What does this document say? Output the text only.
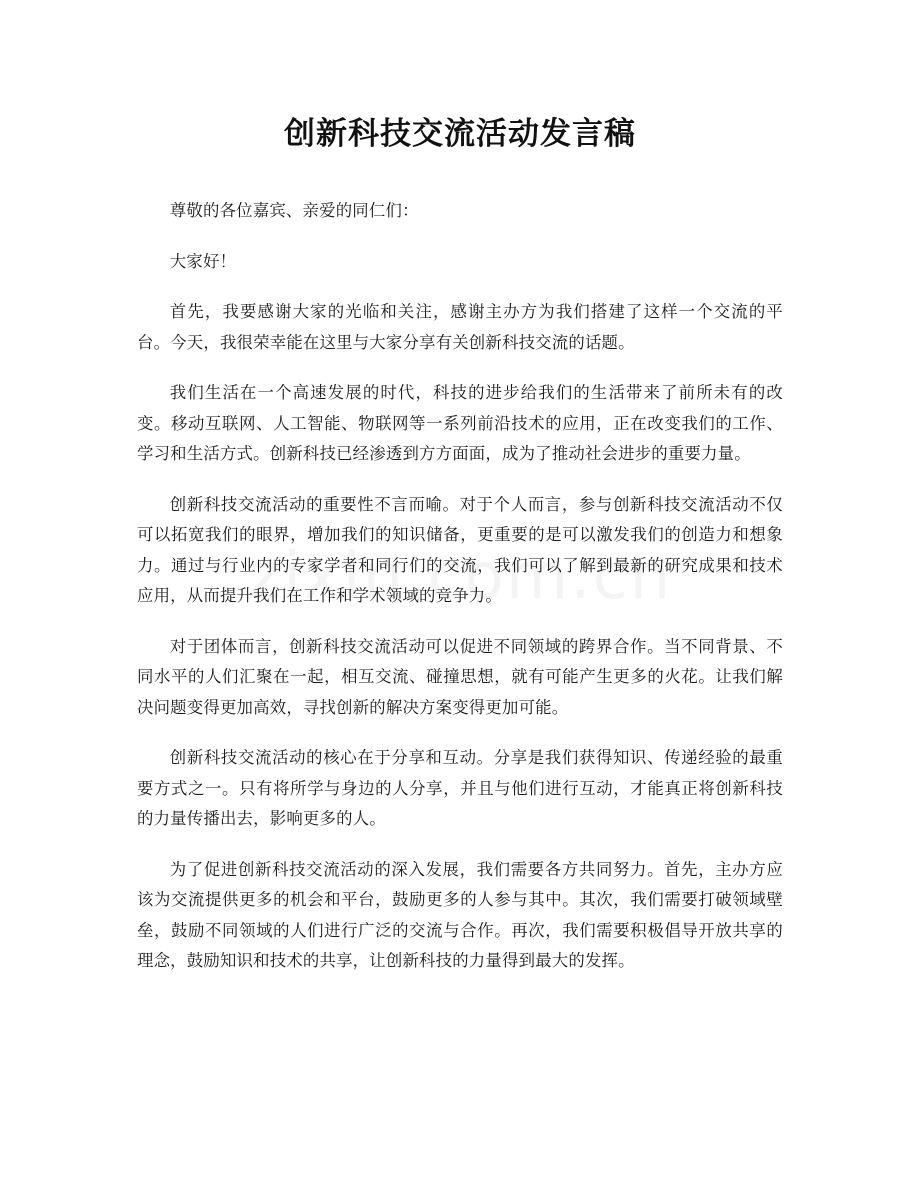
创新科技交流活动发言稿

尊敬的各位嘉宾、亲爱的同仁们：

大家好！

首先，我要感谢大家的光临和关注，感谢主办方为我们搭建了这样一个交流的平台。今天，我很荣幸能在这里与大家分享有关创新科技交流的话题。

我们生活在一个高速发展的时代，科技的进步给我们的生活带来了前所未有的改变。移动互联网、人工智能、物联网等一系列前沿技术的应用，正在改变我们的工作、学习和生活方式。创新科技已经渗透到方方面面，成为了推动社会进步的重要力量。

创新科技交流活动的重要性不言而喻。对于个人而言，参与创新科技交流活动不仅可以拓宽我们的眼界，增加我们的知识储备，更重要的是可以激发我们的创造力和想象力。通过与行业内的专家学者和同行们的交流，我们可以了解到最新的研究成果和技术应用，从而提升我们在工作和学术领域的竞争力。

对于团体而言，创新科技交流活动可以促进不同领域的跨界合作。当不同背景、不同水平的人们汇聚在一起，相互交流、碰撞思想，就有可能产生更多的火花。让我们解决问题变得更加高效，寻找创新的解决方案变得更加可能。

创新科技交流活动的核心在于分享和互动。分享是我们获得知识、传递经验的最重要方式之一。只有将所学与身边的人分享，并且与他们进行互动，才能真正将创新科技的力量传播出去，影响更多的人。

为了促进创新科技交流活动的深入发展，我们需要各方共同努力。首先，主办方应该为交流提供更多的机会和平台，鼓励更多的人参与其中。其次，我们需要打破领域壁垒，鼓励不同领域的人们进行广泛的交流与合作。再次，我们需要积极倡导开放共享的理念，鼓励知识和技术的共享，让创新科技的力量得到最大的发挥。
